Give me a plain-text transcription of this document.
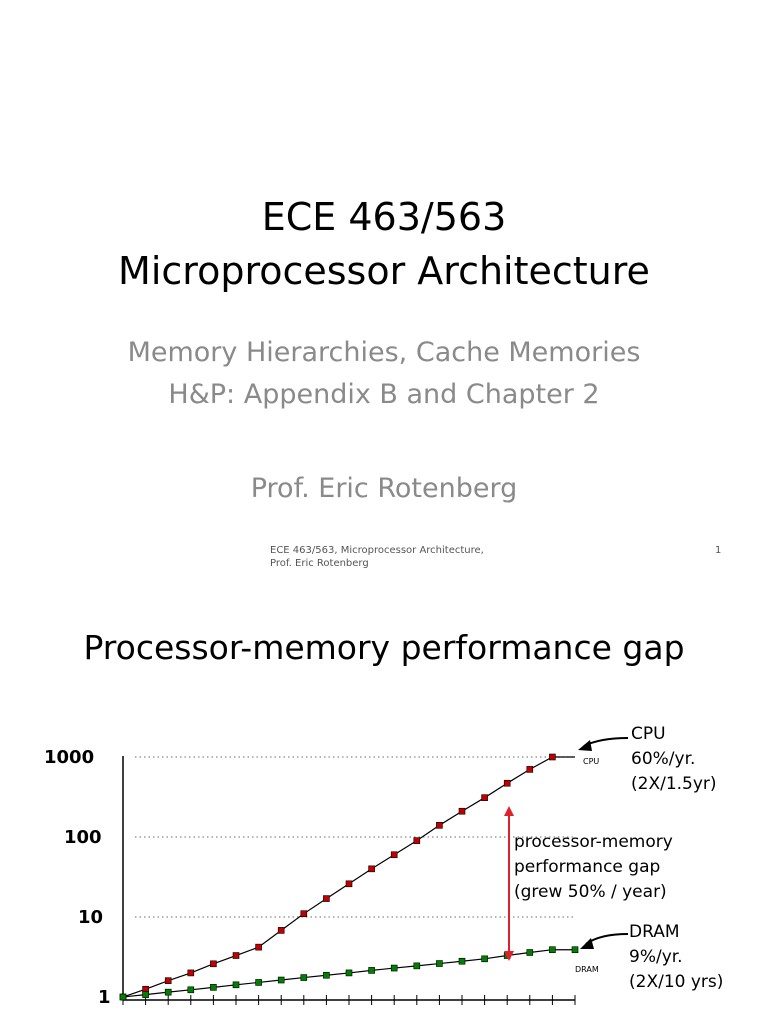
ECE 463/563
Microprocessor Architecture
Memory Hierarchies, Cache Memories
H&P: Appendix B and Chapter 2
Prof. Eric Rotenberg
ECE 463/563, Microprocessor Architecture,
Prof. Eric Rotenberg
1
Processor-memory performance gap
1
10
100
1000	CPU
DRAM
CPU
60%/yr.
(2X/1.5yr)
processor-memory
performance gap
(grew 50% / year)
DRAM
9%/yr.
(2X/10 yrs)
